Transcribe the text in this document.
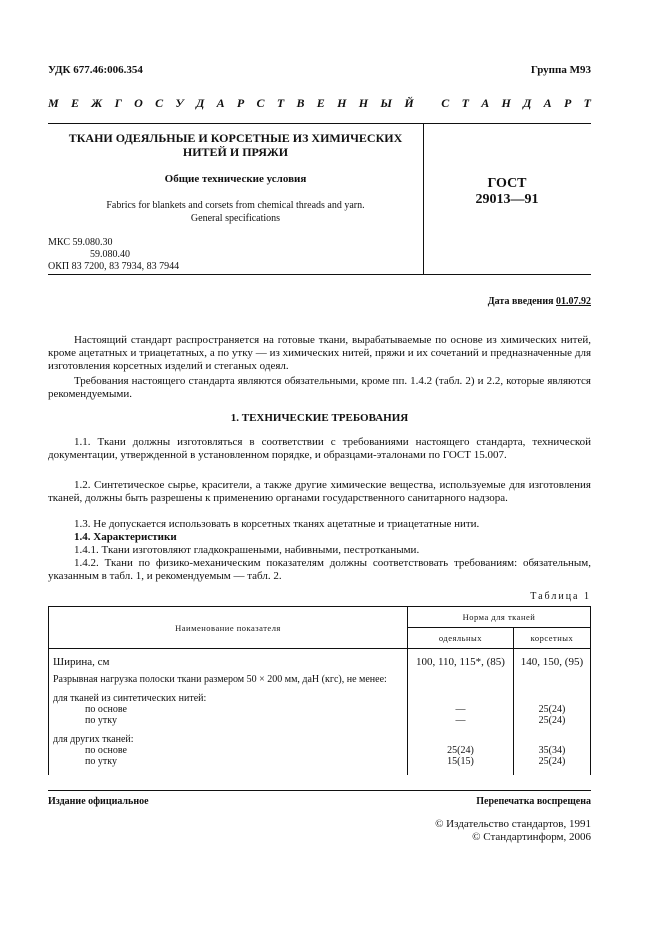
УДК 677.46:006.354	Группа М93
М Е Ж Г О С У Д А Р С Т В Е Н Н Ы Й
С Т А Н Д А Р Т
ТКАНИ ОДЕЯЛЬНЫЕ И КОРСЕТНЫЕ ИЗ ХИМИЧЕСКИХ
НИТЕЙ И ПРЯЖИ
Общие технические условия
Fabrics for blankets and corsets from chemical threads and yarn.
General specifications
ГОСТ
29013—91
МКС 59.080.30
59.080.40
ОКП 83 7200, 83 7934, 83 7944
Дата введения 01.07.92
Настоящий стандарт распространяется на готовые ткани, вырабатываемые по основе из химических нитей, кроме ацетатных и триацетатных, а по утку — из химических нитей, пряжи и их сочетаний и предназначенные для изготовления корсетных изделий и стеганых одеял.
Требования настоящего стандарта являются обязательными, кроме пп. 1.4.2 (табл. 2) и 2.2, которые являются рекомендуемыми.
1. ТЕХНИЧЕСКИЕ ТРЕБОВАНИЯ
1.1. Ткани должны изготовляться в соответствии с требованиями настоящего стандарта, технической документации, утвержденной в установленном порядке, и образцами-эталонами по ГОСТ 15.007.
1.2. Синтетическое сырье, красители, а также другие химические вещества, используемые для изготовления тканей, должны быть разрешены к применению органами государственного санитарного надзора.
1.3. Не допускается использовать в корсетных тканях ацетатные и триацетатные нити.
1.4. Характеристики
1.4.1. Ткани изготовляют гладкокрашеными, набивными, пестроткаными.
1.4.2. Ткани по физико-механическим показателям должны соответствовать требованиям: обязательным, указанным в табл. 1, и рекомендуемым — табл. 2.
Таблица 1
Наименование показателя	Норма для тканей	
	одеяльных	корсетных
Ширина, см	100, 110, 115*, (85)	140, 150, (95)
Разрывная нагрузка полоски ткани размером 50 × 200 мм, даН (кгс), не менее:		
для тканей из синтетических нитей:		
по основе	—	25(24)
по утку	—	25(24)
для других тканей:		
по основе	25(24)	35(34)
по утку	15(15)	25(24)
Издание официальное	Перепечатка воспрещена
© Издательство стандартов, 1991
© Стандартинформ, 2006
